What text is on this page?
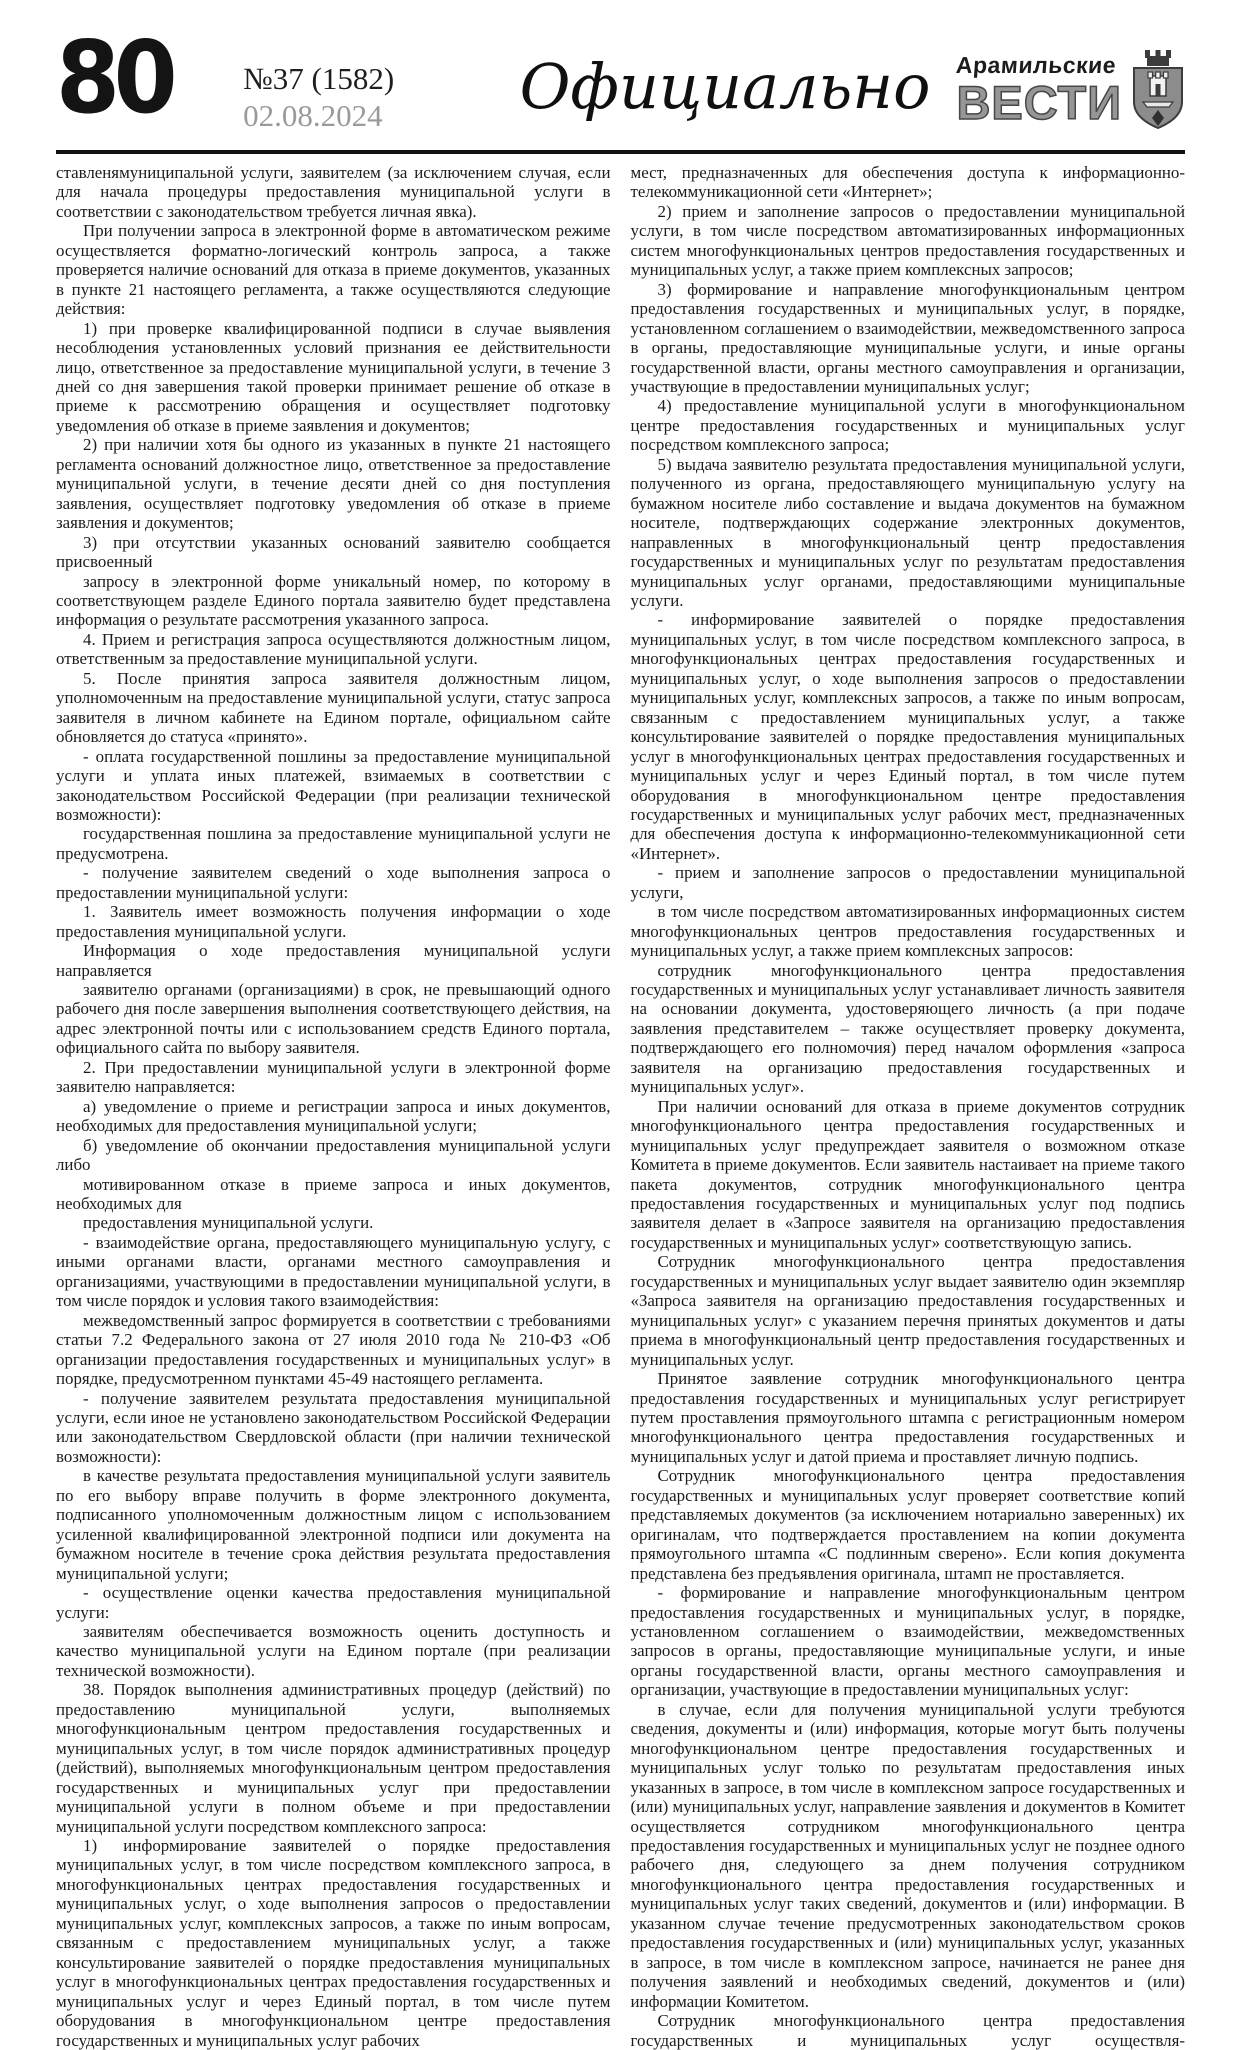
80 №37 (1582)
02.08.2024 Официально Арамильские
ВЕСТИ

ставленямуниципальной услуги, заявителем (за исключением случая, если для начала процедуры предоставления муниципальной услуги в соответствии с законодательством требуется личная явка).

При получении запроса в электронной форме в автоматическом режиме осуществляется форматно-логический контроль запроса, а также проверяется наличие оснований для отказа в приеме документов, указанных в пункте 21 настоящего регламента, а также осуществляются следующие действия:

1) при проверке квалифицированной подписи в случае выявления несоблюдения установленных условий признания ее действительности лицо, ответственное за предоставление муниципальной услуги, в течение 3 дней со дня завершения такой проверки принимает решение об отказе в приеме к рассмотрению обращения и осуществляет подготовку уведомления об отказе в приеме заявления и документов;

2) при наличии хотя бы одного из указанных в пункте 21 настоящего регламента оснований должностное лицо, ответственное за предоставление муниципальной услуги, в течение десяти дней со дня поступления заявления, осуществляет подготовку уведомления об отказе в приеме заявления и документов;

3) при отсутствии указанных оснований заявителю сообщается присвоенный

запросу в электронной форме уникальный номер, по которому в соответствующем разделе Единого портала заявителю будет представлена информация о результате рассмотрения указанного запроса.

4. Прием и регистрация запроса осуществляются должностным лицом, ответственным за предоставление муниципальной услуги.

5. После принятия запроса заявителя должностным лицом, уполномоченным на предоставление муниципальной услуги, статус запроса заявителя в личном кабинете на Едином портале, официальном сайте обновляется до статуса «принято».

- оплата государственной пошлины за предоставление муниципальной услуги и уплата иных платежей, взимаемых в соответствии с законодательством Российской Федерации (при реализации технической возможности):

государственная пошлина за предоставление муниципальной услуги не предусмотрена.

- получение заявителем сведений о ходе выполнения запроса о предоставлении муниципальной услуги:

1. Заявитель имеет возможность получения информации о ходе предоставления муниципальной услуги.

Информация о ходе предоставления муниципальной услуги направляется

заявителю органами (организациями) в срок, не превышающий одного рабочего дня после завершения выполнения соответствующего действия, на адрес электронной почты или с использованием средств Единого портала, официального сайта по выбору заявителя.

2. При предоставлении муниципальной услуги в электронной форме заявителю направляется:

а) уведомление о приеме и регистрации запроса и иных документов, необходимых для предоставления муниципальной услуги;

б) уведомление об окончании предоставления муниципальной услуги либо

мотивированном отказе в приеме запроса и иных документов, необходимых для

предоставления муниципальной услуги.

- взаимодействие органа, предоставляющего муниципальную услугу, с иными органами власти, органами местного самоуправления и организациями, участвующими в предоставлении муниципальной услуги, в том числе порядок и условия такого взаимодействия:

межведомственный запрос формируется в соответствии с требованиями статьи 7.2 Федерального закона от 27 июля 2010 года № 210-ФЗ «Об организации предоставления государственных и муниципальных услуг» в порядке, предусмотренном пунктами 45-49 настоящего регламента.

- получение заявителем результата предоставления муниципальной услуги, если иное не установлено законодательством Российской Федерации или законодательством Свердловской области (при наличии технической возможности):

в качестве результата предоставления муниципальной услуги заявитель по его выбору вправе получить в форме электронного документа, подписанного уполномоченным должностным лицом с использованием усиленной квалифицированной электронной подписи или документа на бумажном носителе в течение срока действия результата предоставления муниципальной услуги;

- осуществление оценки качества предоставления муниципальной услуги:

заявителям обеспечивается возможность оценить доступность и качество муниципальной услуги на Едином портале (при реализации технической возможности).

38. Порядок выполнения административных процедур (действий) по предоставлению муниципальной услуги, выполняемых многофункциональным центром предоставления государственных и муниципальных услуг, в том числе порядок административных процедур (действий), выполняемых многофункциональным центром предоставления государственных и муниципальных услуг при предоставлении муниципальной услуги в полном объеме и при предоставлении муниципальной услуги посредством комплексного запроса:

1) информирование заявителей о порядке предоставления муниципальных услуг, в том числе посредством комплексного запроса, в многофункциональных центрах предоставления государственных и муниципальных услуг, о ходе выполнения запросов о предоставлении муниципальных услуг, комплексных запросов, а также по иным вопросам, связанным с предоставлением муниципальных услуг, а также консультирование заявителей о порядке предоставления муниципальных услуг в многофункциональных центрах предоставления государственных и муниципальных услуг и через Единый портал, в том числе путем оборудования в многофункциональном центре предоставления государственных и муниципальных услуг рабочих

мест, предназначенных для обеспечения доступа к информационно-телекоммуникационной сети «Интернет»;

2) прием и заполнение запросов о предоставлении муниципальной услуги, в том числе посредством автоматизированных информационных систем многофункциональных центров предоставления государственных и муниципальных услуг, а также прием комплексных запросов;

3) формирование и направление многофункциональным центром предоставления государственных и муниципальных услуг, в порядке, установленном соглашением о взаимодействии, межведомственного запроса в органы, предоставляющие муниципальные услуги, и иные органы государственной власти, органы местного самоуправления и организации, участвующие в предоставлении муниципальных услуг;

4) предоставление муниципальной услуги в многофункциональном центре предоставления государственных и муниципальных услуг посредством комплексного запроса;

5) выдача заявителю результата предоставления муниципальной услуги, полученного из органа, предоставляющего муниципальную услугу на бумажном носителе либо составление и выдача документов на бумажном носителе, подтверждающих содержание электронных документов, направленных в многофункциональный центр предоставления государственных и муниципальных услуг по результатам предоставления муниципальных услуг органами, предоставляющими муниципальные услуги.

- информирование заявителей о порядке предоставления муниципальных услуг, в том числе посредством комплексного запроса, в многофункциональных центрах предоставления государственных и муниципальных услуг, о ходе выполнения запросов о предоставлении муниципальных услуг, комплексных запросов, а также по иным вопросам, связанным с предоставлением муниципальных услуг, а также консультирование заявителей о порядке предоставления муниципальных услуг в многофункциональных центрах предоставления государственных и муниципальных услуг и через Единый портал, в том числе путем оборудования в многофункциональном центре предоставления государственных и муниципальных услуг рабочих мест, предназначенных для обеспечения доступа к информационно-телекоммуникационной сети «Интернет».

- прием и заполнение запросов о предоставлении муниципальной услуги,

в том числе посредством автоматизированных информационных систем многофункциональных центров предоставления государственных и муниципальных услуг, а также прием комплексных запросов:

сотрудник многофункционального центра предоставления государственных и муниципальных услуг устанавливает личность заявителя на основании документа, удостоверяющего личность (а при подаче заявления представителем – также осуществляет проверку документа, подтверждающего его полномочия) перед началом оформления «запроса заявителя на организацию предоставления государственных и муниципальных услуг».

При наличии оснований для отказа в приеме документов сотрудник многофункционального центра предоставления государственных и муниципальных услуг предупреждает заявителя о возможном отказе Комитета в приеме документов. Если заявитель настаивает на приеме такого пакета документов, сотрудник многофункционального центра предоставления государственных и муниципальных услуг под подпись заявителя делает в «Запросе заявителя на организацию предоставления государственных и муниципальных услуг» соответствующую запись.

Сотрудник многофункционального центра предоставления государственных и муниципальных услуг выдает заявителю один экземпляр «Запроса заявителя на организацию предоставления государственных и муниципальных услуг» с указанием перечня принятых документов и даты приема в многофункциональный центр предоставления государственных и муниципальных услуг.

Принятое заявление сотрудник многофункционального центра предоставления государственных и муниципальных услуг регистрирует путем проставления прямоугольного штампа с регистрационным номером многофункционального центра предоставления государственных и муниципальных услуг и датой приема и проставляет личную подпись.

Сотрудник многофункционального центра предоставления государственных и муниципальных услуг проверяет соответствие копий представляемых документов (за исключением нотариально заверенных) их оригиналам, что подтверждается проставлением на копии документа прямоугольного штампа «С подлинным сверено». Если копия документа представлена без предъявления оригинала, штамп не проставляется.

- формирование и направление многофункциональным центром предоставления государственных и муниципальных услуг, в порядке, установленном соглашением о взаимодействии, межведомственных запросов в органы, предоставляющие муниципальные услуги, и иные органы государственной власти, органы местного самоуправления и организации, участвующие в предоставлении муниципальных услуг:

в случае, если для получения муниципальной услуги требуются сведения, документы и (или) информация, которые могут быть получены многофункциональном центре предоставления государственных и муниципальных услуг только по результатам предоставления иных указанных в запросе, в том числе в комплексном запросе государственных и (или) муниципальных услуг, направление заявления и документов в Комитет осуществляется сотрудником многофункционального центра предоставления государственных и муниципальных услуг не позднее одного рабочего дня, следующего за днем получения сотрудником многофункционального центра предоставления государственных и муниципальных услуг таких сведений, документов и (или) информации. В указанном случае течение предусмотренных законодательством сроков предоставления государственных и (или) муниципальных услуг, указанных в запросе, в том числе в комплексном запросе, начинается не ранее дня получения заявлений и необходимых сведений, документов и (или) информации Комитетом.

Сотрудник многофункционального центра предоставления государственных и муниципальных услуг осуществля-
